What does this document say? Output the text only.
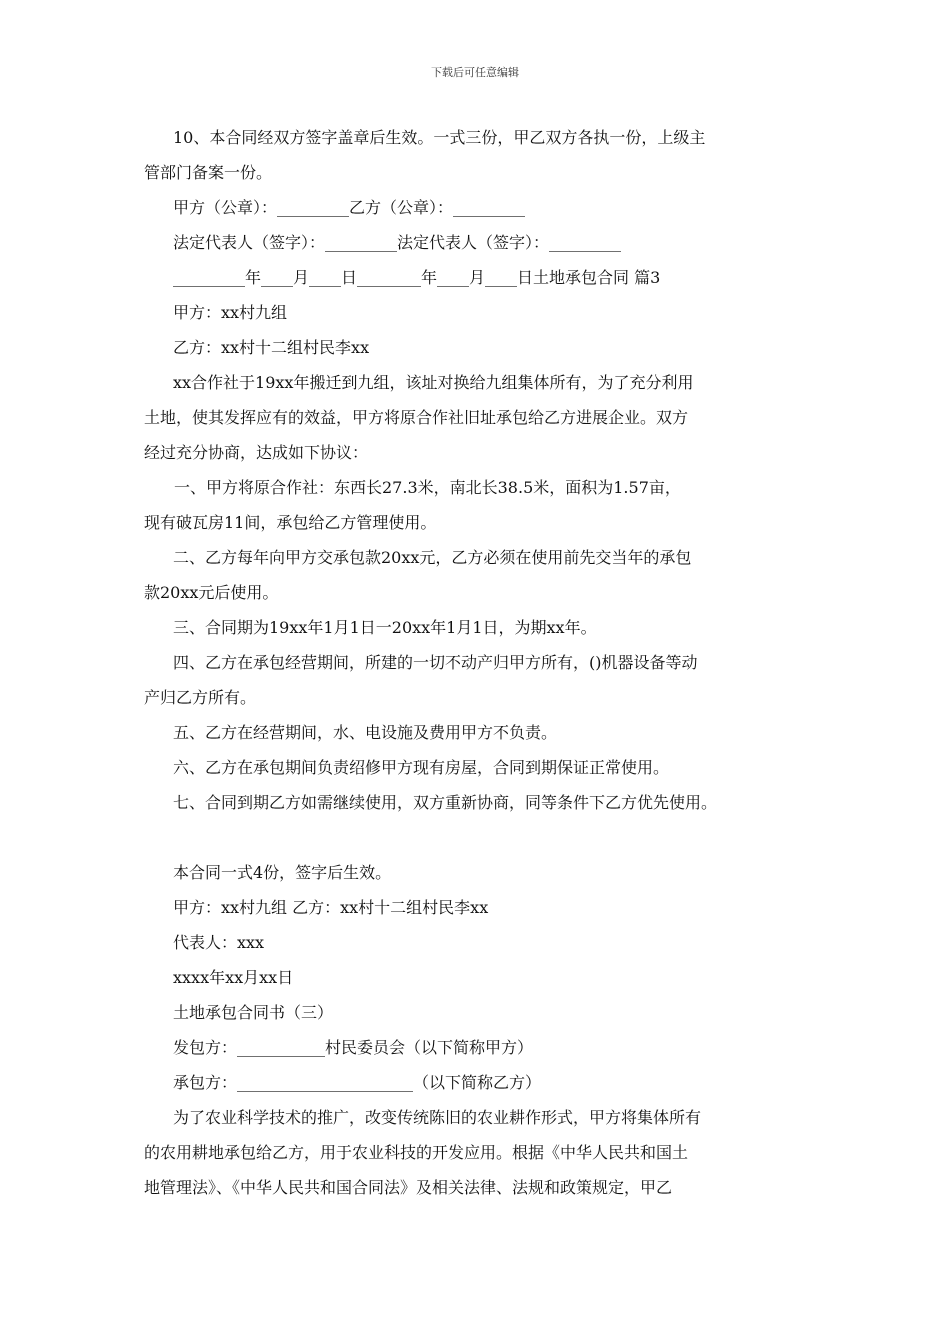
下载后可任意编辑

10、本合同经双方签字盖章后生效。一式三份，甲乙双方各执一份，上级主

管部门备案一份。

甲方（公章）：_________乙方（公章）：_________

法定代表人（签字）：_________法定代表人（签字）：_________

_________年____月____日________年____月____日土地承包合同 篇3

甲方：xx村九组

乙方：xx村十二组村民李xx

xx合作社于19xx年搬迁到九组，该址对换给九组集体所有，为了充分利用

土地，使其发挥应有的效益，甲方将原合作社旧址承包给乙方进展企业。双方

经过充分协商，达成如下协议：

一、甲方将原合作社：东西长27.3米，南北长38.5米，面积为1.57亩，

现有破瓦房11间，承包给乙方管理使用。

二、乙方每年向甲方交承包款20xx元，乙方必须在使用前先交当年的承包

款20xx元后使用。

三、合同期为19xx年1月1日一20xx年1月1日，为期xx年。

四、乙方在承包经营期间，所建的一切不动产归甲方所有，()机器设备等动

产归乙方所有。

五、乙方在经营期间，水、电设施及费用甲方不负责。

六、乙方在承包期间负责绍修甲方现有房屋，合同到期保证正常使用。

七、合同到期乙方如需继续使用，双方重新协商，同等条件下乙方优先使用。

本合同一式4份，签字后生效。

甲方：xx村九组 乙方：xx村十二组村民李xx

代表人：xxx

xxxx年xx月xx日

土地承包合同书（三）

发包方：___________村民委员会（以下简称甲方）

承包方：______________________（以下简称乙方）

为了农业科学技术的推广，改变传统陈旧的农业耕作形式，甲方将集体所有

的农用耕地承包给乙方，用于农业科技的开发应用。根据《中华人民共和国土

地管理法》、《中华人民共和国合同法》及相关法律、法规和政策规定，甲乙
